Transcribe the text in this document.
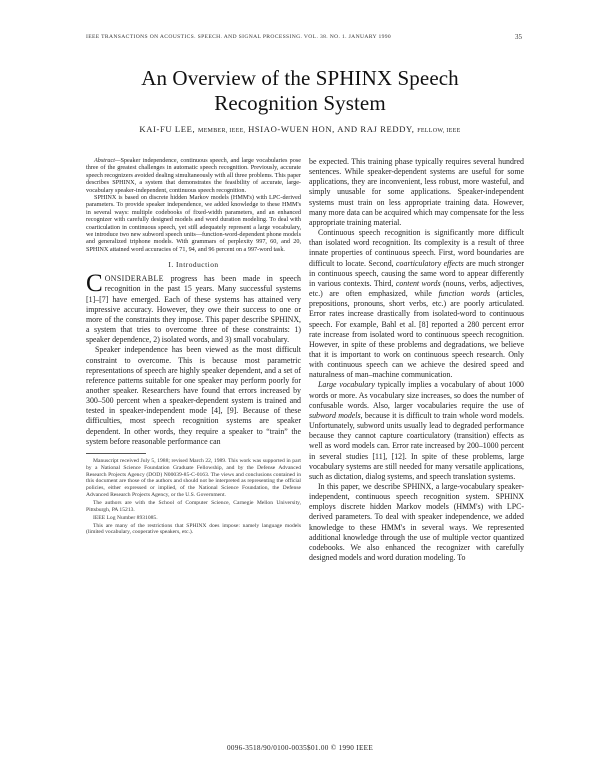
IEEE TRANSACTIONS ON ACOUSTICS. SPEECH. AND SIGNAL PROCESSING. VOL. 38. NO. 1. JANUARY 1990	35
An Overview of the SPHINX Speech
Recognition System
KAI-FU LEE, MEMBER, IEEE, HSIAO-WUEN HON, AND RAJ REDDY, FELLOW, IEEE

Abstract—Speaker independence, continuous speech, and large vocabularies pose three of the greatest challenges in automatic speech recognition. Previously, accurate speech recognizers avoided dealing simultaneously with all three problems. This paper describes SPHINX, a system that demonstrates the feasibility of accurate, large-vocabulary speaker-independent, continuous speech recognition.

SPHINX is based on discrete hidden Markov models (HMM's) with LPC-derived parameters. To provide speaker independence, we added knowledge to these HMM's in several ways: multiple codebooks of fixed-width parameters, and an enhanced recognizer with carefully designed models and word duration modeling. To deal with coarticulation in continuous speech, yet still adequately represent a large vocabulary, we introduce two new subword speech units—function-word-dependent phone models and generalized triphone models. With grammars of perplexity 997, 60, and 20, SPHINX attained word accuracies of 71, 94, and 96 percent on a 997-word task.

I. Introduction

CONSIDERABLE progress has been made in speech recognition in the past 15 years. Many successful systems [1]–[7] have emerged. Each of these systems has attained very impressive accuracy. However, they owe their success to one or more of the constraints they impose. This paper describe SPHINX, a system that tries to overcome three of these constraints: 1) speaker dependence, 2) isolated words, and 3) small vocabulary.

Speaker independence has been viewed as the most difficult constraint to overcome. This is because most parametric representations of speech are highly speaker dependent, and a set of reference patterns suitable for one speaker may perform poorly for another speaker. Researchers have found that errors increased by 300–500 percent when a speaker-dependent system is trained and tested in speaker-independent mode [4], [9]. Because of these difficulties, most speech recognition systems are speaker dependent. In other words, they require a speaker to “train” the system before reasonable performance can

Manuscript received July 5, 1988; revised March 22, 1989. This work was supported in part by a National Science Foundation Graduate Fellowship, and by the Defense Advanced Research Projects Agency (DOD) N00039-85-C-0163. The views and conclusions contained in this document are those of the authors and should not be interpreted as representing the official policies, either expressed or implied, of the National Science Foundation, the Defense Advanced Research Projects Agency, or the U.S. Government.

The authors are with the School of Computer Science, Carnegie Mellon University, Pittsburgh, PA 15213.

IEEE Log Number 8931085.

This are many of the restrictions that SPHINX does impose: namely language models (limited vocabulary, cooperative speakers, etc.).

be expected. This training phase typically requires several hundred sentences. While speaker-dependent systems are useful for some applications, they are inconvenient, less robust, more wasteful, and simply unusable for some applications. Speaker-independent systems must train on less appropriate training data. However, many more data can be acquired which may compensate for the less appropriate training material.

Continuous speech recognition is significantly more difficult than isolated word recognition. Its complexity is a result of three innate properties of continuous speech. First, word boundaries are difficult to locate. Second, coarticulatory effects are much stronger in continuous speech, causing the same word to appear differently in various contexts. Third, content words (nouns, verbs, adjectives, etc.) are often emphasized, while function words (articles, prepositions, pronouns, short verbs, etc.) are poorly articulated. Error rates increase drastically from isolated-word to continuous speech. For example, Bahl et al. [8] reported a 280 percent error rate increase from isolated word to continuous speech recognition. However, in spite of these problems and degradations, we believe that it is important to work on continuous speech research. Only with continuous speech can we achieve the desired speed and naturalness of man–machine communication.

Large vocabulary typically implies a vocabulary of about 1000 words or more. As vocabulary size increases, so does the number of confusable words. Also, larger vocabularies require the use of subword models, because it is difficult to train whole word models. Unfortunately, subword units usually lead to degraded performance because they cannot capture coarticulatory (transition) effects as well as word models can. Error rate increased by 200–1000 percent in several studies [11], [12]. In spite of these problems, large vocabulary systems are still needed for many versatile applications, such as dictation, dialog systems, and speech translation systems.

In this paper, we describe SPHINX, a large-vocabulary speaker-independent, continuous speech recognition system. SPHINX employs discrete hidden Markov models (HMM's) with LPC-derived parameters. To deal with speaker independence, we added knowledge to these HMM's in several ways. We represented additional knowledge through the use of multiple vector quantized codebooks. We also enhanced the recognizer with carefully designed models and word duration modeling. To

0096-3518/90/0100-0035$01.00 © 1990 IEEE
